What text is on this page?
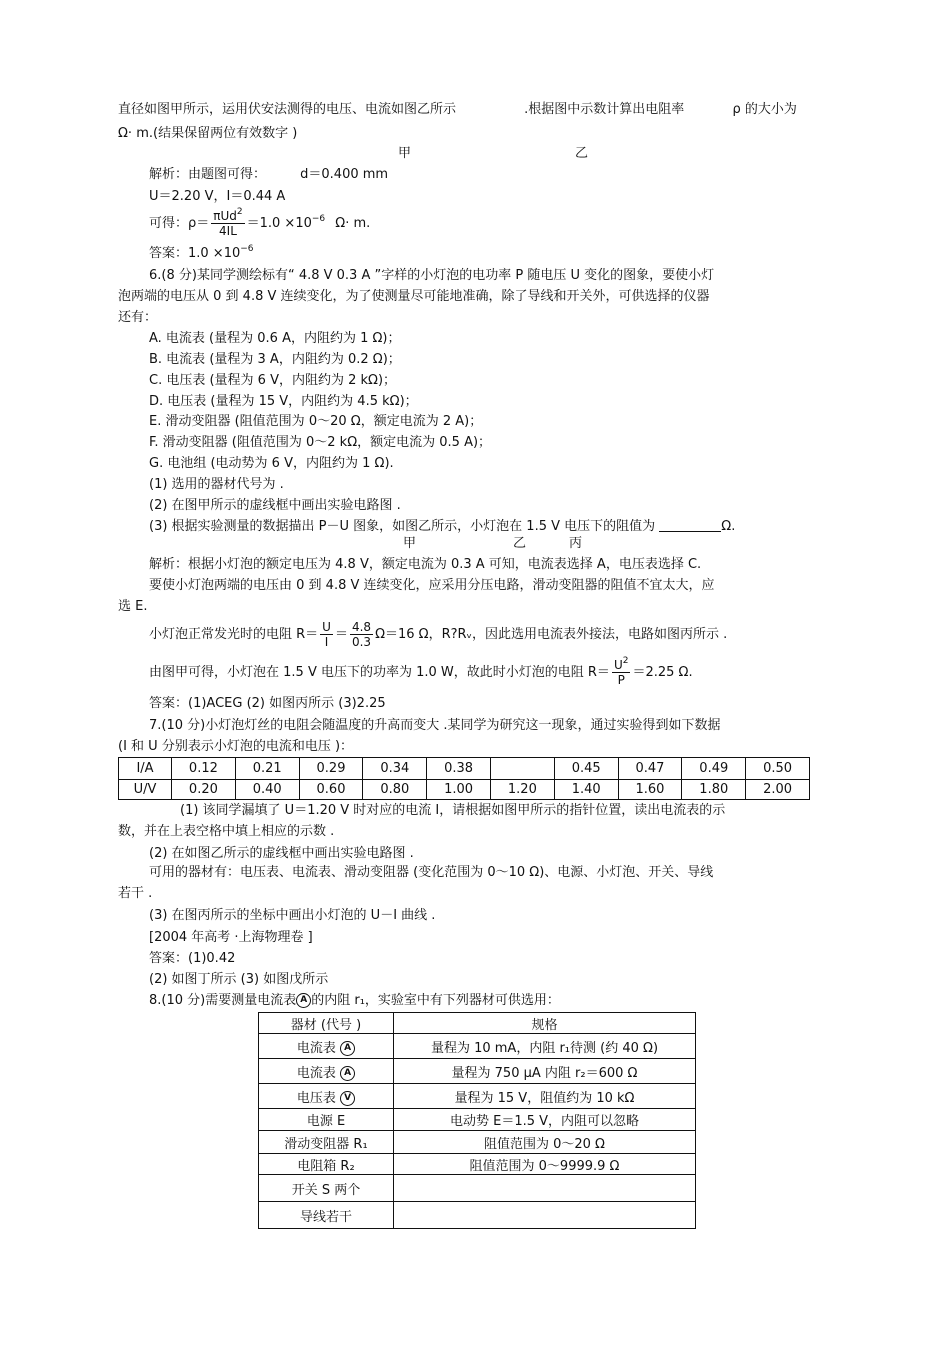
直径如图甲所示，运用伏安法测得的电压、电流如图乙所示	.根据图中示数计算出电阻率	ρ 的大小为
Ω· m.(结果保留两位有效数字 )
甲	乙
解析：由题图可得：	d＝0.400 mm
U＝2.20 V，I＝0.44 A
可得：$\rho= \frac{\pi Ud^2}{4IL} =1.0 \times 10^{-6}$ Ω· m.
答案：$1.0 \times 10^{-6}$
6.(8 分)某同学测绘标有“ 4.8 V 0.3 A ”字样的小灯泡的电功率 P 随电压 U 变化的图象，要使小灯
泡两端的电压从 0 到 4.8 V 连续变化，为了使测量尽可能地准确，除了导线和开关外，可供选择的仪器
还有：
A. 电流表 (量程为 0.6 A，内阻约为 1 Ω)；
B. 电流表 (量程为 3 A，内阻约为 0.2 Ω)；
C. 电压表 (量程为 6 V，内阻约为 2 kΩ)；
D. 电压表 (量程为 15 V，内阻约为 4.5 kΩ)；
E. 滑动变阻器 (阻值范围为 0～20 Ω，额定电流为 2 A)；
F. 滑动变阻器 (阻值范围为 0～2 kΩ，额定电流为 0.5 A)；
G. 电池组 (电动势为 6 V，内阻约为 1 Ω).
(1) 选用的器材代号为 .
(2) 在图甲所示的虚线框中画出实验电路图 .
(3) 根据实验测量的数据描出 P－U 图象，如图乙所示，小灯泡在 1.5 V 电压下的阻值为	Ω.
甲	乙	丙
解析：根据小灯泡的额定电压为 4.8 V，额定电流为 0.3 A 可知，电流表选择 A，电压表选择 C.
要使小灯泡两端的电压由 0 到 4.8 V 连续变化，应采用分压电路，滑动变阻器的阻值不宜太大，应
选 E.
小灯泡正常发光时的电阻 $R= \frac{U}{I} = \frac{4.8}{0.3} \Omega=16$ Ω，R?Rᵥ，因此选用电流表外接法，电路如图丙所示 .
由图甲可得，小灯泡在 1.5 V 电压下的功率为 1.0 W，故此时小灯泡的电阻 $R= \frac{U^2}{P} =2.25$ Ω.
答案：(1)ACEG (2) 如图丙所示 (3)2.25
7.(10 分)小灯泡灯丝的电阻会随温度的升高而变大 .某同学为研究这一现象，通过实验得到如下数据
(I 和 U 分别表示小灯泡的电流和电压 )：
I/A	0.12	0.21	0.29	0.34	0.38		0.45	0.47	0.49	0.50
U/V	0.20	0.40	0.60	0.80	1.00	1.20	1.40	1.60	1.80	2.00
(1) 该同学漏填了 U＝1.20 V 时对应的电流 I，请根据如图甲所示的指针位置，读出电流表的示
数，并在上表空格中填上相应的示数 .
(2) 在如图乙所示的虚线框中画出实验电路图 .
可用的器材有：电压表、电流表、滑动变阻器 (变化范围为 0～10 Ω)、电源、小灯泡、开关、导线
若干 .
(3) 在图丙所示的坐标中画出小灯泡的 U－I 曲线 .
[2004 年高考 ·上海物理卷 ]
答案：(1)0.42
(2) 如图丁所示 (3) 如图戊所示
8.(10 分)需要测量电流表 A 的内阻 r₁，实验室中有下列器材可供选用：
器材 (代号 )	规格
电流表 A	量程为 10 mA，内阻 r₁待测 (约 40 Ω)
电流表 A	量程为 750 μA 内阻 r₂＝600 Ω
电压表 V	量程为 15 V，阻值约为 10 kΩ
电源 E	电动势 E＝1.5 V，内阻可以忽略
滑动变阻器 R₁	阻值范围为 0～20 Ω
电阻箱 R₂	阻值范围为 0～9999.9 Ω
开关 S 两个	
导线若干	
